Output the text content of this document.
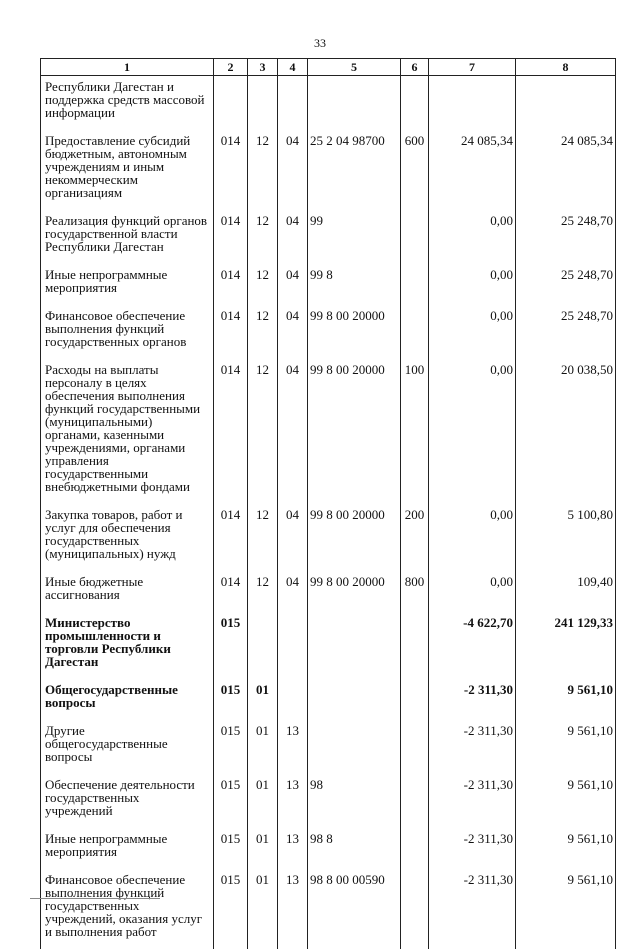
33
1	2	3	4	5	6	7	8
Республики Дагестан и поддержка средств массовой информации							
Предоставление субсидий бюджетным, автономным учреждениям и иным некоммерческим организациям	014	12	04	25 2 04 98700	600	24 085,34	24 085,34
Реализация функций органов государственной власти Республики Дагестан	014	12	04	99		0,00	25 248,70
Иные непрограммные мероприятия	014	12	04	99 8		0,00	25 248,70
Финансовое обеспечение выполнения функций государственных органов	014	12	04	99 8 00 20000		0,00	25 248,70
Расходы на выплаты персоналу в целях обеспечения выполнения функций государственными (муниципальными) органами, казенными учреждениями, органами управления государственными внебюджетными фондами	014	12	04	99 8 00 20000	100	0,00	20 038,50
Закупка товаров, работ и услуг для обеспечения государственных (муниципальных) нужд	014	12	04	99 8 00 20000	200	0,00	5 100,80
Иные бюджетные ассигнования	014	12	04	99 8 00 20000	800	0,00	109,40
Министерство промышленности и торговли Республики Дагестан	015					-4 622,70	241 129,33
Общегосударственные вопросы	015	01				-2 311,30	9 561,10
Другие общегосударственные вопросы	015	01	13			-2 311,30	9 561,10
Обеспечение деятельности государственных учреждений	015	01	13	98		-2 311,30	9 561,10
Иные непрограммные мероприятия	015	01	13	98 8		-2 311,30	9 561,10
Финансовое обеспечение выполнения функций государственных учреждений, оказания услуг и выполнения работ	015	01	13	98 8 00 00590		-2 311,30	9 561,10
